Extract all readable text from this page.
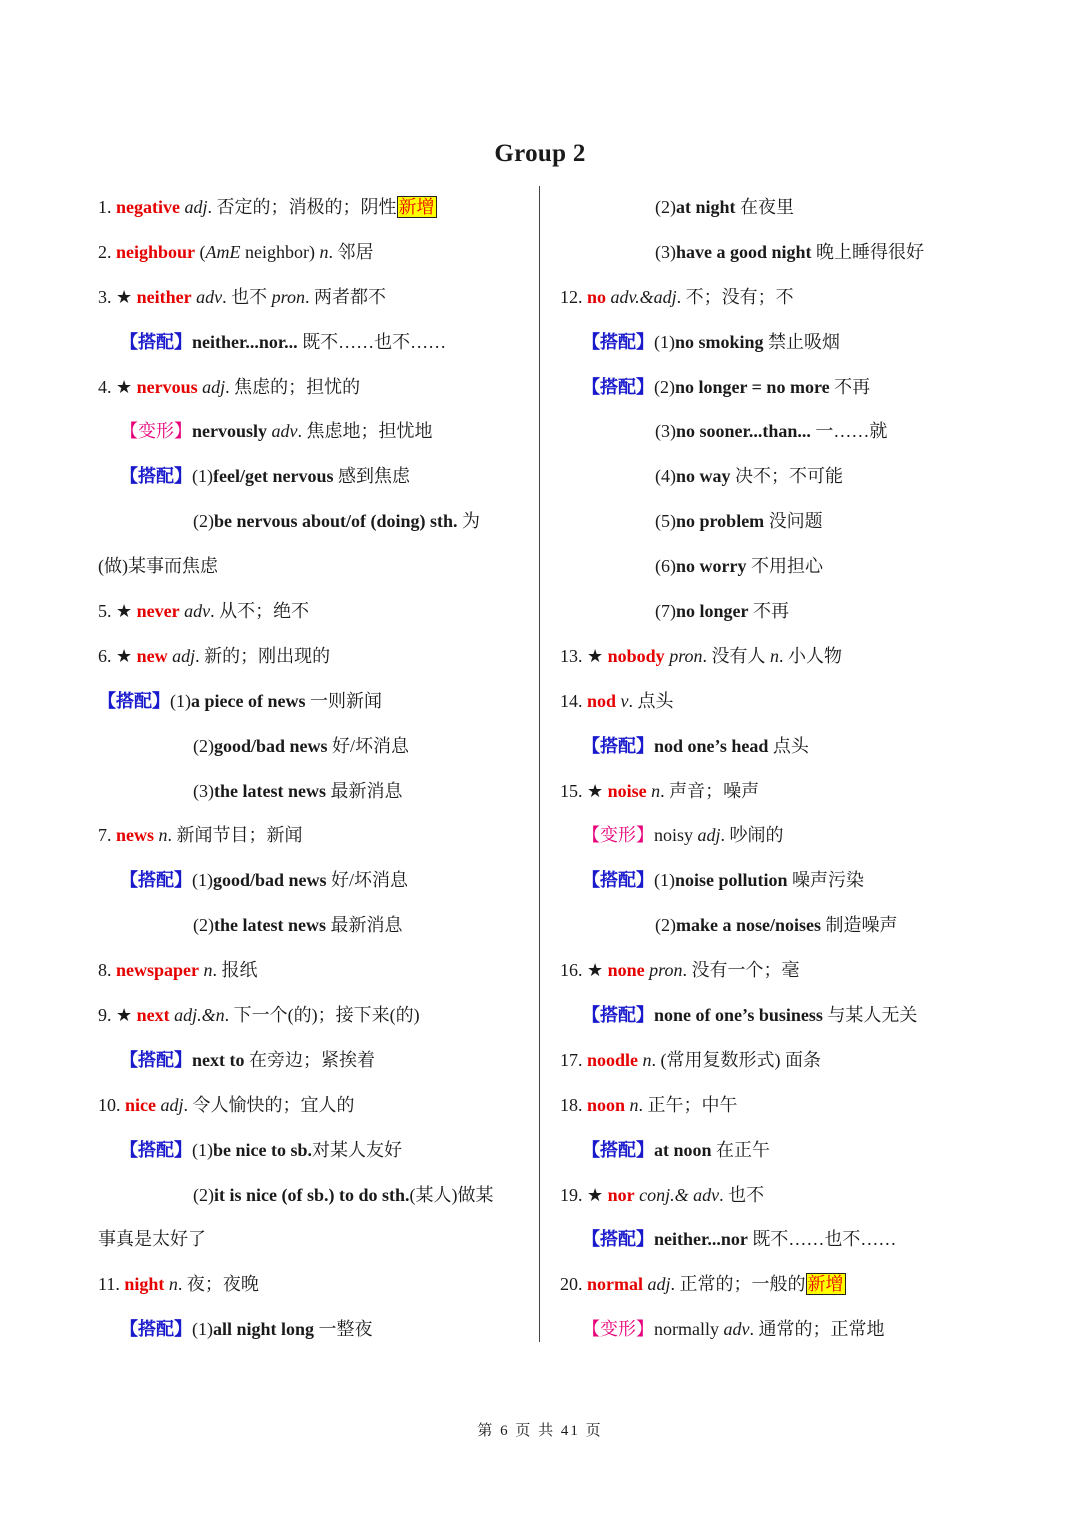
Group 2
1. negative adj. 否定的；消极的；阴性 新增
2. neighbour (AmE neighbor) n. 邻居
3. ★ neither adv. 也不 pron. 两者都不
【搭配】neither...nor... 既不……也不……
4. ★ nervous adj. 焦虑的；担忧的
【变形】nervously adv. 焦虑地；担忧地
【搭配】(1)feel/get nervous 感到焦虑
(2)be nervous about/of (doing) sth. 为
(做)某事而焦虑
5. ★ never adv. 从不；绝不
6. ★ new adj. 新的；刚出现的
【搭配】(1)a piece of news 一则新闻
(2)good/bad news 好/坏消息
(3)the latest news 最新消息
7. news n. 新闻节目；新闻
【搭配】(1)good/bad news 好/坏消息
(2)the latest news 最新消息
8. newspaper n. 报纸
9. ★ next adj.&n. 下一个(的)；接下来(的)
【搭配】next to 在旁边；紧挨着
10. nice adj. 令人愉快的；宜人的
【搭配】(1)be nice to sb.对某人友好
(2)it is nice (of sb.) to do sth.(某人)做某
事真是太好了
11. night n. 夜；夜晚
【搭配】(1)all night long 一整夜
(2)at night 在夜里
(3)have a good night 晚上睡得很好
12. no adv.&adj. 不；没有；不
【搭配】(1)no smoking 禁止吸烟
【搭配】(2)no longer = no more 不再
(3)no sooner...than... 一……就
(4)no way 决不；不可能
(5)no problem 没问题
(6)no worry 不用担心
(7)no longer 不再
13. ★ nobody pron. 没有人 n. 小人物
14. nod v. 点头
【搭配】nod one’s head 点头
15. ★ noise n. 声音；噪声
【变形】noisy adj. 吵闹的
【搭配】(1)noise pollution 噪声污染
(2)make a nose/noises 制造噪声
16. ★ none pron. 没有一个；毫
【搭配】none of one’s business 与某人无关
17. noodle n. (常用复数形式) 面条
18. noon n. 正午；中午
【搭配】at noon 在正午
19. ★ nor conj.& adv. 也不
【搭配】neither...nor 既不……也不……
20. normal adj. 正常的；一般的 新增
【变形】normally adv. 通常的；正常地
第 6 页 共 41 页
